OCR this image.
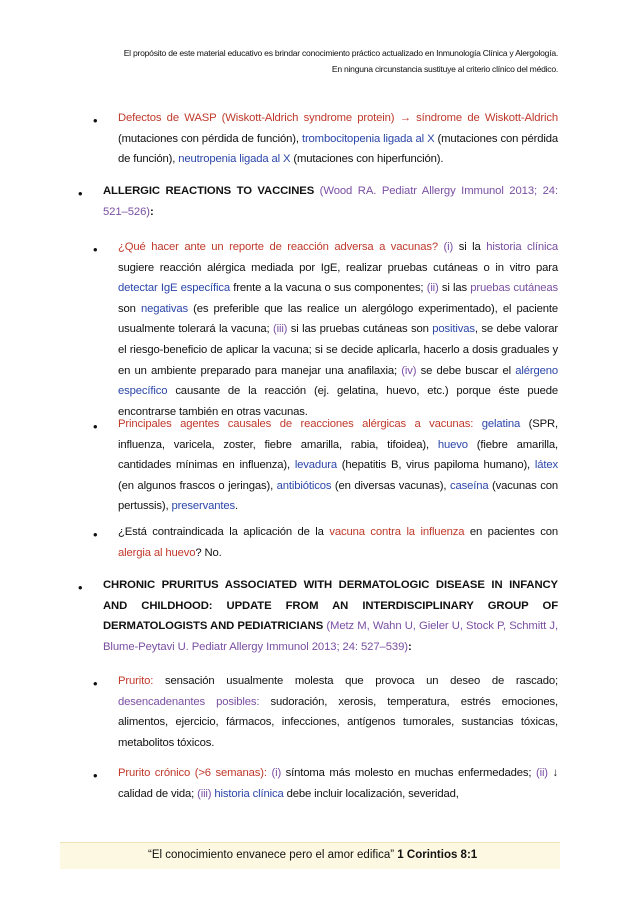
El propósito de este material educativo es brindar conocimiento práctico actualizado en Inmunología Clínica y Alergología.
En ninguna circunstancia sustituye al criterio clínico del médico.
• Defectos de WASP (Wiskott-Aldrich syndrome protein) → síndrome de Wiskott-Aldrich (mutaciones con pérdida de función), trombocitopenia ligada al X (mutaciones con pérdida de función), neutropenia ligada al X (mutaciones con hiperfunción).
• ALLERGIC REACTIONS TO VACCINES (Wood RA. Pediatr Allergy Immunol 2013; 24: 521–526):
• ¿Qué hacer ante un reporte de reacción adversa a vacunas? (i) si la historia clínica sugiere reacción alérgica mediada por IgE, realizar pruebas cutáneas o in vitro para detectar IgE específica frente a la vacuna o sus componentes; (ii) si las pruebas cutáneas son negativas (es preferible que las realice un alergólogo experimentado), el paciente usualmente tolerará la vacuna; (iii) si las pruebas cutáneas son positivas, se debe valorar el riesgo-beneficio de aplicar la vacuna; si se decide aplicarla, hacerlo a dosis graduales y en un ambiente preparado para manejar una anafilaxia; (iv) se debe buscar el alérgeno específico causante de la reacción (ej. gelatina, huevo, etc.) porque éste puede encontrarse también en otras vacunas.
• Principales agentes causales de reacciones alérgicas a vacunas: gelatina (SPR, influenza, varicela, zoster, fiebre amarilla, rabia, tifoidea), huevo (fiebre amarilla, cantidades mínimas en influenza), levadura (hepatitis B, virus papiloma humano), látex (en algunos frascos o jeringas), antibióticos (en diversas vacunas), caseína (vacunas con pertussis), preservantes.
• ¿Está contraindicada la aplicación de la vacuna contra la influenza en pacientes con alergia al huevo? No.
• CHRONIC PRURITUS ASSOCIATED WITH DERMATOLOGIC DISEASE IN INFANCY AND CHILDHOOD: UPDATE FROM AN INTERDISCIPLINARY GROUP OF DERMATOLOGISTS AND PEDIATRICIANS (Metz M, Wahn U, Gieler U, Stock P, Schmitt J, Blume-Peytavi U. Pediatr Allergy Immunol 2013; 24: 527–539):
• Prurito: sensación usualmente molesta que provoca un deseo de rascado; desencadenantes posibles: sudoración, xerosis, temperatura, estrés emociones, alimentos, ejercicio, fármacos, infecciones, antígenos tumorales, sustancias tóxicas, metabolitos tóxicos.
• Prurito crónico (>6 semanas): (i) síntoma más molesto en muchas enfermedades; (ii) ↓ calidad de vida; (iii) historia clínica debe incluir localización, severidad,
“El conocimiento envanece pero el amor edifica” 1 Corintios 8:1
